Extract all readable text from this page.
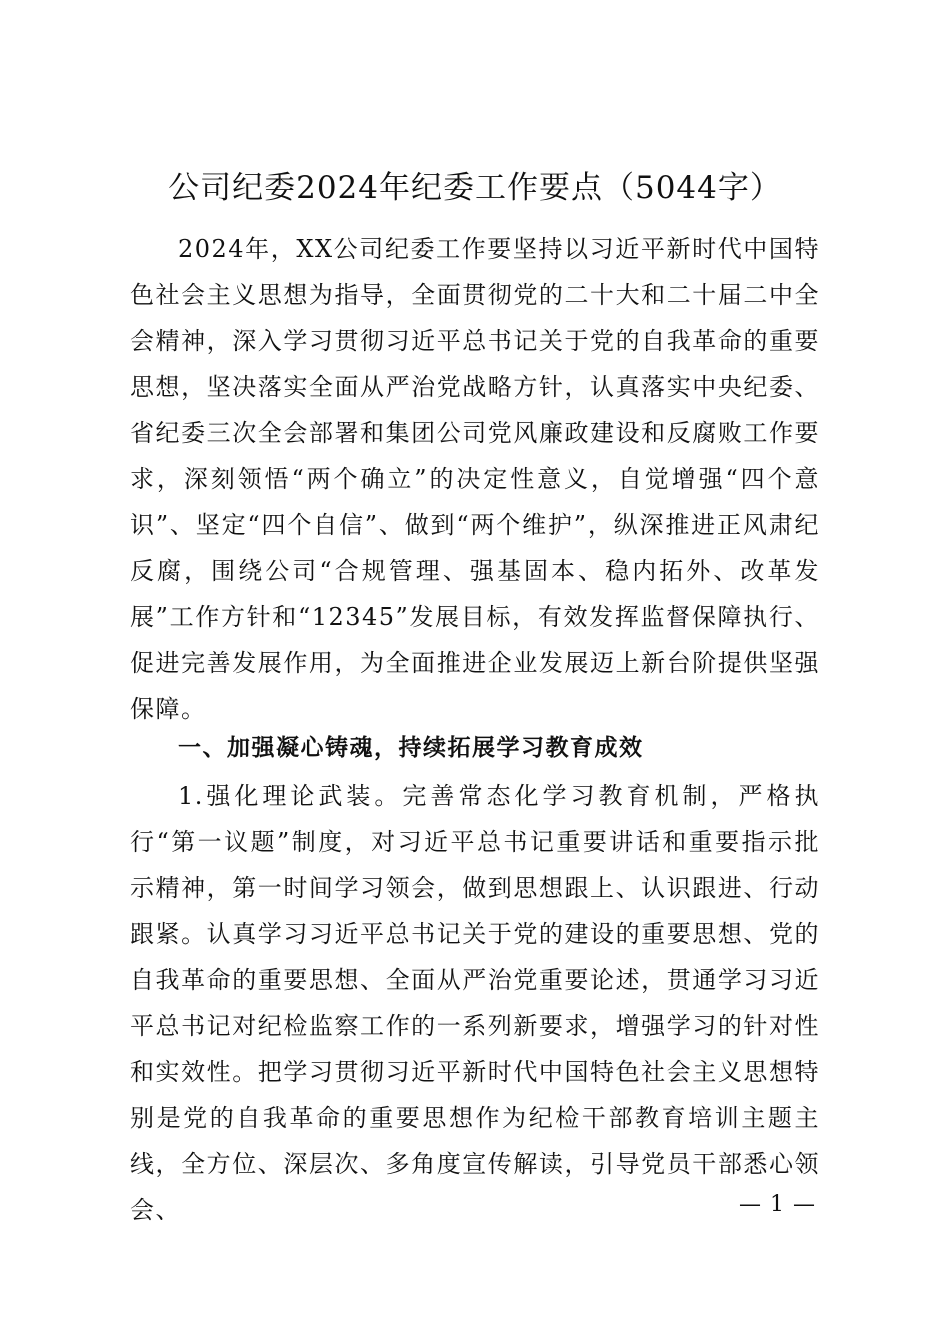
公司纪委2024年纪委工作要点（5044字）

2024年，XX公司纪委工作要坚持以习近平新时代中国特色社会主义思想为指导，全面贯彻党的二十大和二十届二中全会精神，深入学习贯彻习近平总书记关于党的自我革命的重要思想，坚决落实全面从严治党战略方针，认真落实中央纪委、省纪委三次全会部署和集团公司党风廉政建设和反腐败工作要求，深刻领悟“两个确立”的决定性意义，自觉增强“四个意识”、坚定“四个自信”、做到“两个维护”，纵深推进正风肃纪反腐，围绕公司“合规管理、强基固本、稳内拓外、改革发展”工作方针和“12345”发展目标，有效发挥监督保障执行、促进完善发展作用，为全面推进企业发展迈上新台阶提供坚强保障。

一、加强凝心铸魂，持续拓展学习教育成效

1.强化理论武装。完善常态化学习教育机制，严格执行“第一议题”制度，对习近平总书记重要讲话和重要指示批示精神，第一时间学习领会，做到思想跟上、认识跟进、行动跟紧。认真学习习近平总书记关于党的建设的重要思想、党的自我革命的重要思想、全面从严治党重要论述，贯通学习习近平总书记对纪检监察工作的一系列新要求，增强学习的针对性和实效性。把学习贯彻习近平新时代中国特色社会主义思想特别是党的自我革命的重要思想作为纪检干部教育培训主题主线，全方位、深层次、多角度宣传解读，引导党员干部悉心领会、	— 1 —
